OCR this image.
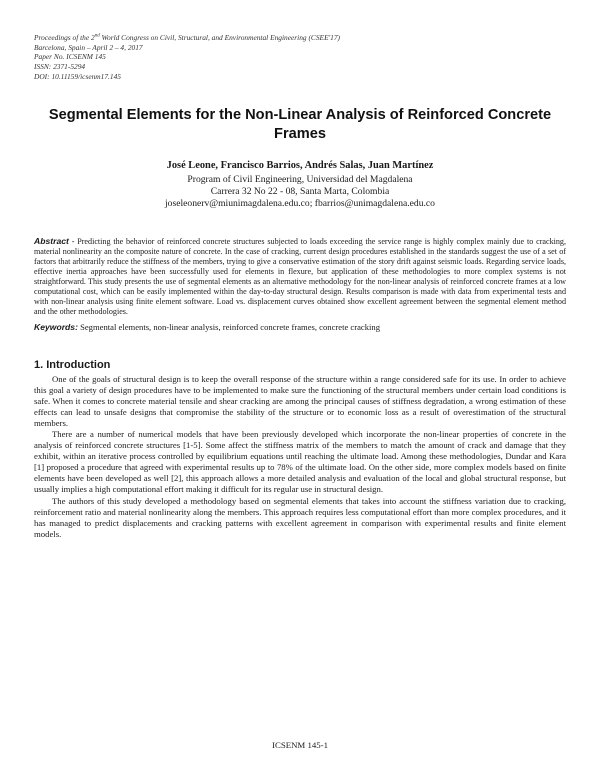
Proceedings of the 2nd World Congress on Civil, Structural, and Environmental Engineering (CSEE'17)
Barcelona, Spain – April 2 – 4, 2017
Paper No. ICSENM 145
ISSN: 2371-5294
DOI: 10.11159/icsenm17.145
Segmental Elements for the Non-Linear Analysis of Reinforced Concrete Frames
José Leone, Francisco Barrios, Andrés Salas, Juan Martínez
Program of Civil Engineering, Universidad del Magdalena
Carrera 32 No 22 - 08, Santa Marta, Colombia
joseleonerv@miunimagdalena.edu.co; fbarrios@unimagdalena.edu.co
Abstract - Predicting the behavior of reinforced concrete structures subjected to loads exceeding the service range is highly complex mainly due to cracking, material nonlinearity an the composite nature of concrete. In the case of cracking, current design procedures established in the standards suggest the use of a set of factors that arbitrarily reduce the stiffness of the members, trying to give a conservative estimation of the story drift against seismic loads. Regarding service loads, effective inertia approaches have been successfully used for elements in flexure, but application of these methodologies to more complex systems is not straightforward. This study presents the use of segmental elements as an alternative methodology for the non-linear analysis of reinforced concrete frames at a low computational cost, which can be easily implemented within the day-to-day structural design. Results comparison is made with data from experimental tests and with non-linear analysis using finite element software. Load vs. displacement curves obtained show excellent agreement between the segmental element method and the other methodologies.
Keywords: Segmental elements, non-linear analysis, reinforced concrete frames, concrete cracking
1. Introduction

One of the goals of structural design is to keep the overall response of the structure within a range considered safe for its use. In order to achieve this goal a variety of design procedures have to be implemented to make sure the functioning of the structural members under certain load conditions is safe. When it comes to concrete material tensile and shear cracking are among the principal causes of stiffness degradation, a wrong estimation of these effects can lead to unsafe designs that compromise the stability of the structure or to economic loss as a result of overestimation of the structural members.

There are a number of numerical models that have been previously developed which incorporate the non-linear properties of concrete in the analysis of reinforced concrete structures [1-5]. Some affect the stiffness matrix of the members to match the amount of crack and damage that they exhibit, within an iterative process controlled by equilibrium equations until reaching the ultimate load. Among these methodologies, Dundar and Kara [1] proposed a procedure that agreed with experimental results up to 78% of the ultimate load. On the other side, more complex models based on finite elements have been developed as well [2], this approach allows a more detailed analysis and evaluation of the local and global structural response, but usually implies a high computational effort making it difficult for its regular use in structural design.

The authors of this study developed a methodology based on segmental elements that takes into account the stiffness variation due to cracking, reinforcement ratio and material nonlinearity along the members. This approach requires less computational effort than more complex procedures, and it has managed to predict displacements and cracking patterns with excellent agreement in comparison with experimental results and finite element models.

ICSENM 145-1
